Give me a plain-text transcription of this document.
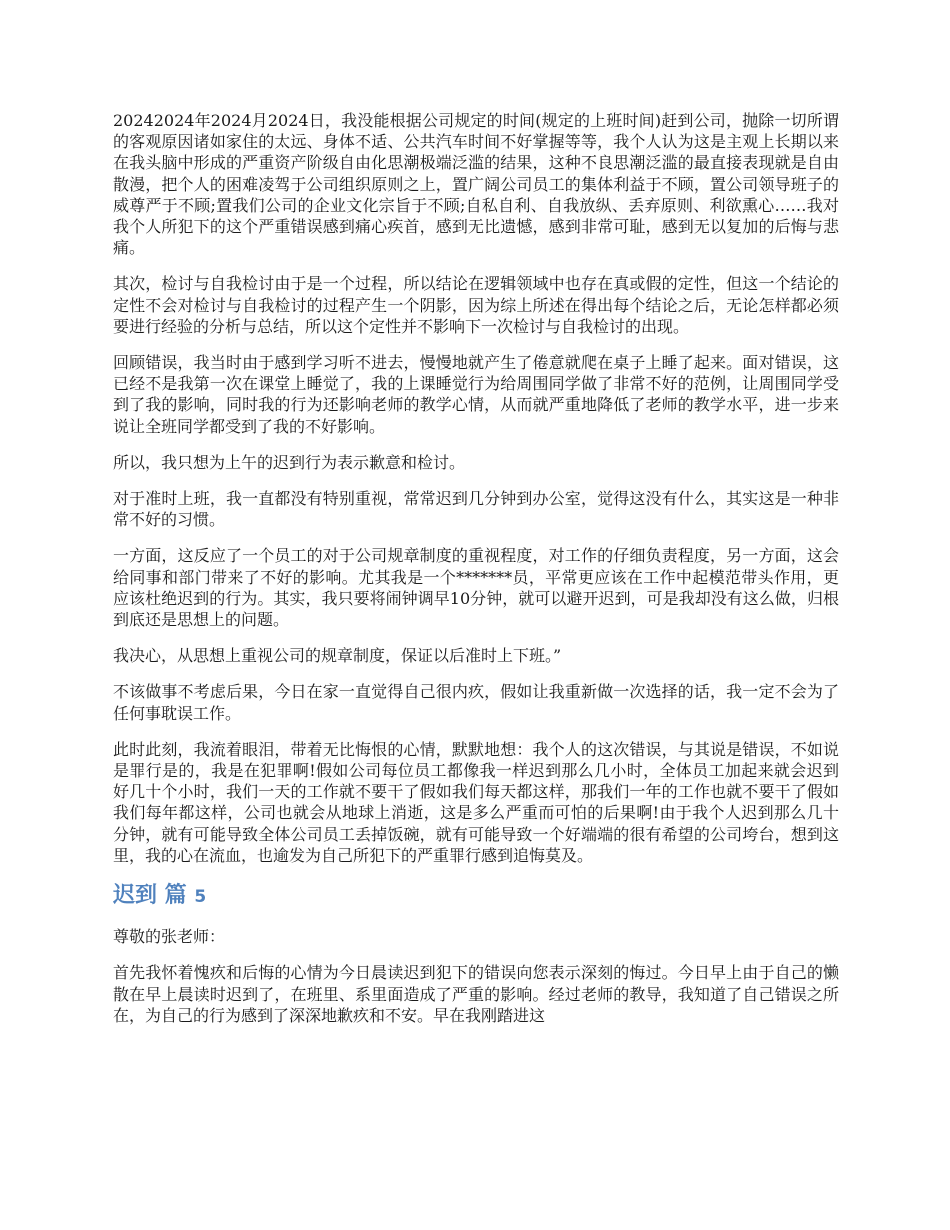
20242024年2024月2024日，我没能根据公司规定的时间(规定的上班时间)赶到公司，抛除一切所谓的客观原因诸如家住的太远、身体不适、公共汽车时间不好掌握等等，我个人认为这是主观上长期以来在我头脑中形成的严重资产阶级自由化思潮极端泛滥的结果，这种不良思潮泛滥的最直接表现就是自由散漫，把个人的困难凌驾于公司组织原则之上，置广阔公司员工的集体利益于不顾，置公司领导班子的威尊严于不顾;置我们公司的企业文化宗旨于不顾;自私自利、自我放纵、丢弃原则、利欲熏心……我对我个人所犯下的这个严重错误感到痛心疾首，感到无比遗憾，感到非常可耻，感到无以复加的后悔与悲痛。

其次，检讨与自我检讨由于是一个过程，所以结论在逻辑领域中也存在真或假的定性，但这一个结论的定性不会对检讨与自我检讨的过程产生一个阴影，因为综上所述在得出每个结论之后，无论怎样都必须要进行经验的分析与总结，所以这个定性并不影响下一次检讨与自我检讨的出现。

回顾错误，我当时由于感到学习听不进去，慢慢地就产生了倦意就爬在桌子上睡了起来。面对错误，这已经不是我第一次在课堂上睡觉了，我的上课睡觉行为给周围同学做了非常不好的范例，让周围同学受到了我的影响，同时我的行为还影响老师的教学心情，从而就严重地降低了老师的教学水平，进一步来说让全班同学都受到了我的不好影响。

所以，我只想为上午的迟到行为表示歉意和检讨。

对于准时上班，我一直都没有特别重视，常常迟到几分钟到办公室，觉得这没有什么，其实这是一种非常不好的习惯。

一方面，这反应了一个员工的对于公司规章制度的重视程度，对工作的仔细负责程度，另一方面，这会给同事和部门带来了不好的影响。尤其我是一个*******员，平常更应该在工作中起模范带头作用，更应该杜绝迟到的行为。其实，我只要将闹钟调早10分钟，就可以避开迟到，可是我却没有这么做，归根到底还是思想上的问题。

我决心，从思想上重视公司的规章制度，保证以后准时上下班。”

不该做事不考虑后果，今日在家一直觉得自己很内疚，假如让我重新做一次选择的话，我一定不会为了任何事耽误工作。

此时此刻，我流着眼泪，带着无比悔恨的心情，默默地想：我个人的这次错误，与其说是错误，不如说是罪行是的，我是在犯罪啊!假如公司每位员工都像我一样迟到那么几小时，全体员工加起来就会迟到好几十个小时，我们一天的工作就不要干了假如我们每天都这样，那我们一年的工作也就不要干了假如我们每年都这样，公司也就会从地球上消逝，这是多么严重而可怕的后果啊!由于我个人迟到那么几十分钟，就有可能导致全体公司员工丢掉饭碗，就有可能导致一个好端端的很有希望的公司垮台，想到这里，我的心在流血，也逾发为自己所犯下的严重罪行感到追悔莫及。

迟到 篇 5

尊敬的张老师：

首先我怀着愧疚和后悔的心情为今日晨读迟到犯下的错误向您表示深刻的悔过。今日早上由于自己的懒散在早上晨读时迟到了，在班里、系里面造成了严重的影响。经过老师的教导，我知道了自己错误之所在，为自己的行为感到了深深地歉疚和不安。早在我刚踏进这
